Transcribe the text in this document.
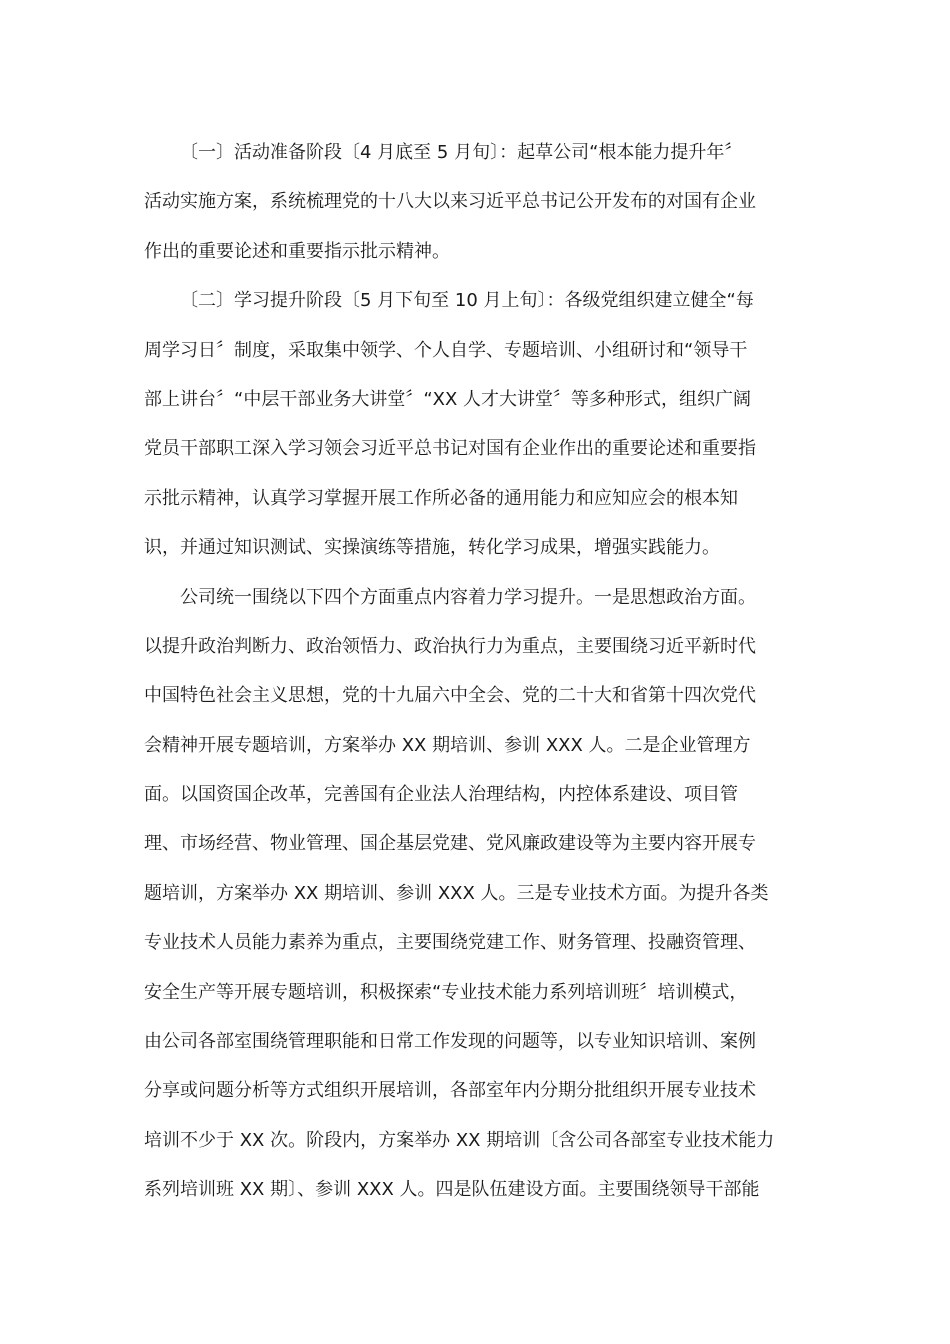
〔一〕活动准备阶段〔4 月底至 5 月旬〕：起草公司“根本能力提升年〞
活动实施方案，系统梳理党的十八大以来习近平总书记公开发布的对国有企业
作出的重要论述和重要指示批示精神。
〔二〕学习提升阶段〔5 月下旬至 10 月上旬〕：各级党组织建立健全“每
周学习日〞制度，采取集中领学、个人自学、专题培训、小组研讨和“领导干
部上讲台〞“中层干部业务大讲堂〞“XX 人才大讲堂〞等多种形式，组织广阔
党员干部职工深入学习领会习近平总书记对国有企业作出的重要论述和重要指
示批示精神，认真学习掌握开展工作所必备的通用能力和应知应会的根本知
识，并通过知识测试、实操演练等措施，转化学习成果，增强实践能力。
公司统一围绕以下四个方面重点内容着力学习提升。一是思想政治方面。
以提升政治判断力、政治领悟力、政治执行力为重点，主要围绕习近平新时代
中国特色社会主义思想，党的十九届六中全会、党的二十大和省第十四次党代
会精神开展专题培训，方案举办 XX 期培训、参训 XXX 人。二是企业管理方
面。以国资国企改革，完善国有企业法人治理结构，内控体系建设、项目管
理、市场经营、物业管理、国企基层党建、党风廉政建设等为主要内容开展专
题培训，方案举办 XX 期培训、参训 XXX 人。三是专业技术方面。为提升各类
专业技术人员能力素养为重点，主要围绕党建工作、财务管理、投融资管理、
安全生产等开展专题培训，积极探索“专业技术能力系列培训班〞培训模式，
由公司各部室围绕管理职能和日常工作发现的问题等，以专业知识培训、案例
分享或问题分析等方式组织开展培训，各部室年内分期分批组织开展专业技术
培训不少于 XX 次。阶段内，方案举办 XX 期培训〔含公司各部室专业技术能力
系列培训班 XX 期〕、参训 XXX 人。四是队伍建设方面。主要围绕领导干部能
